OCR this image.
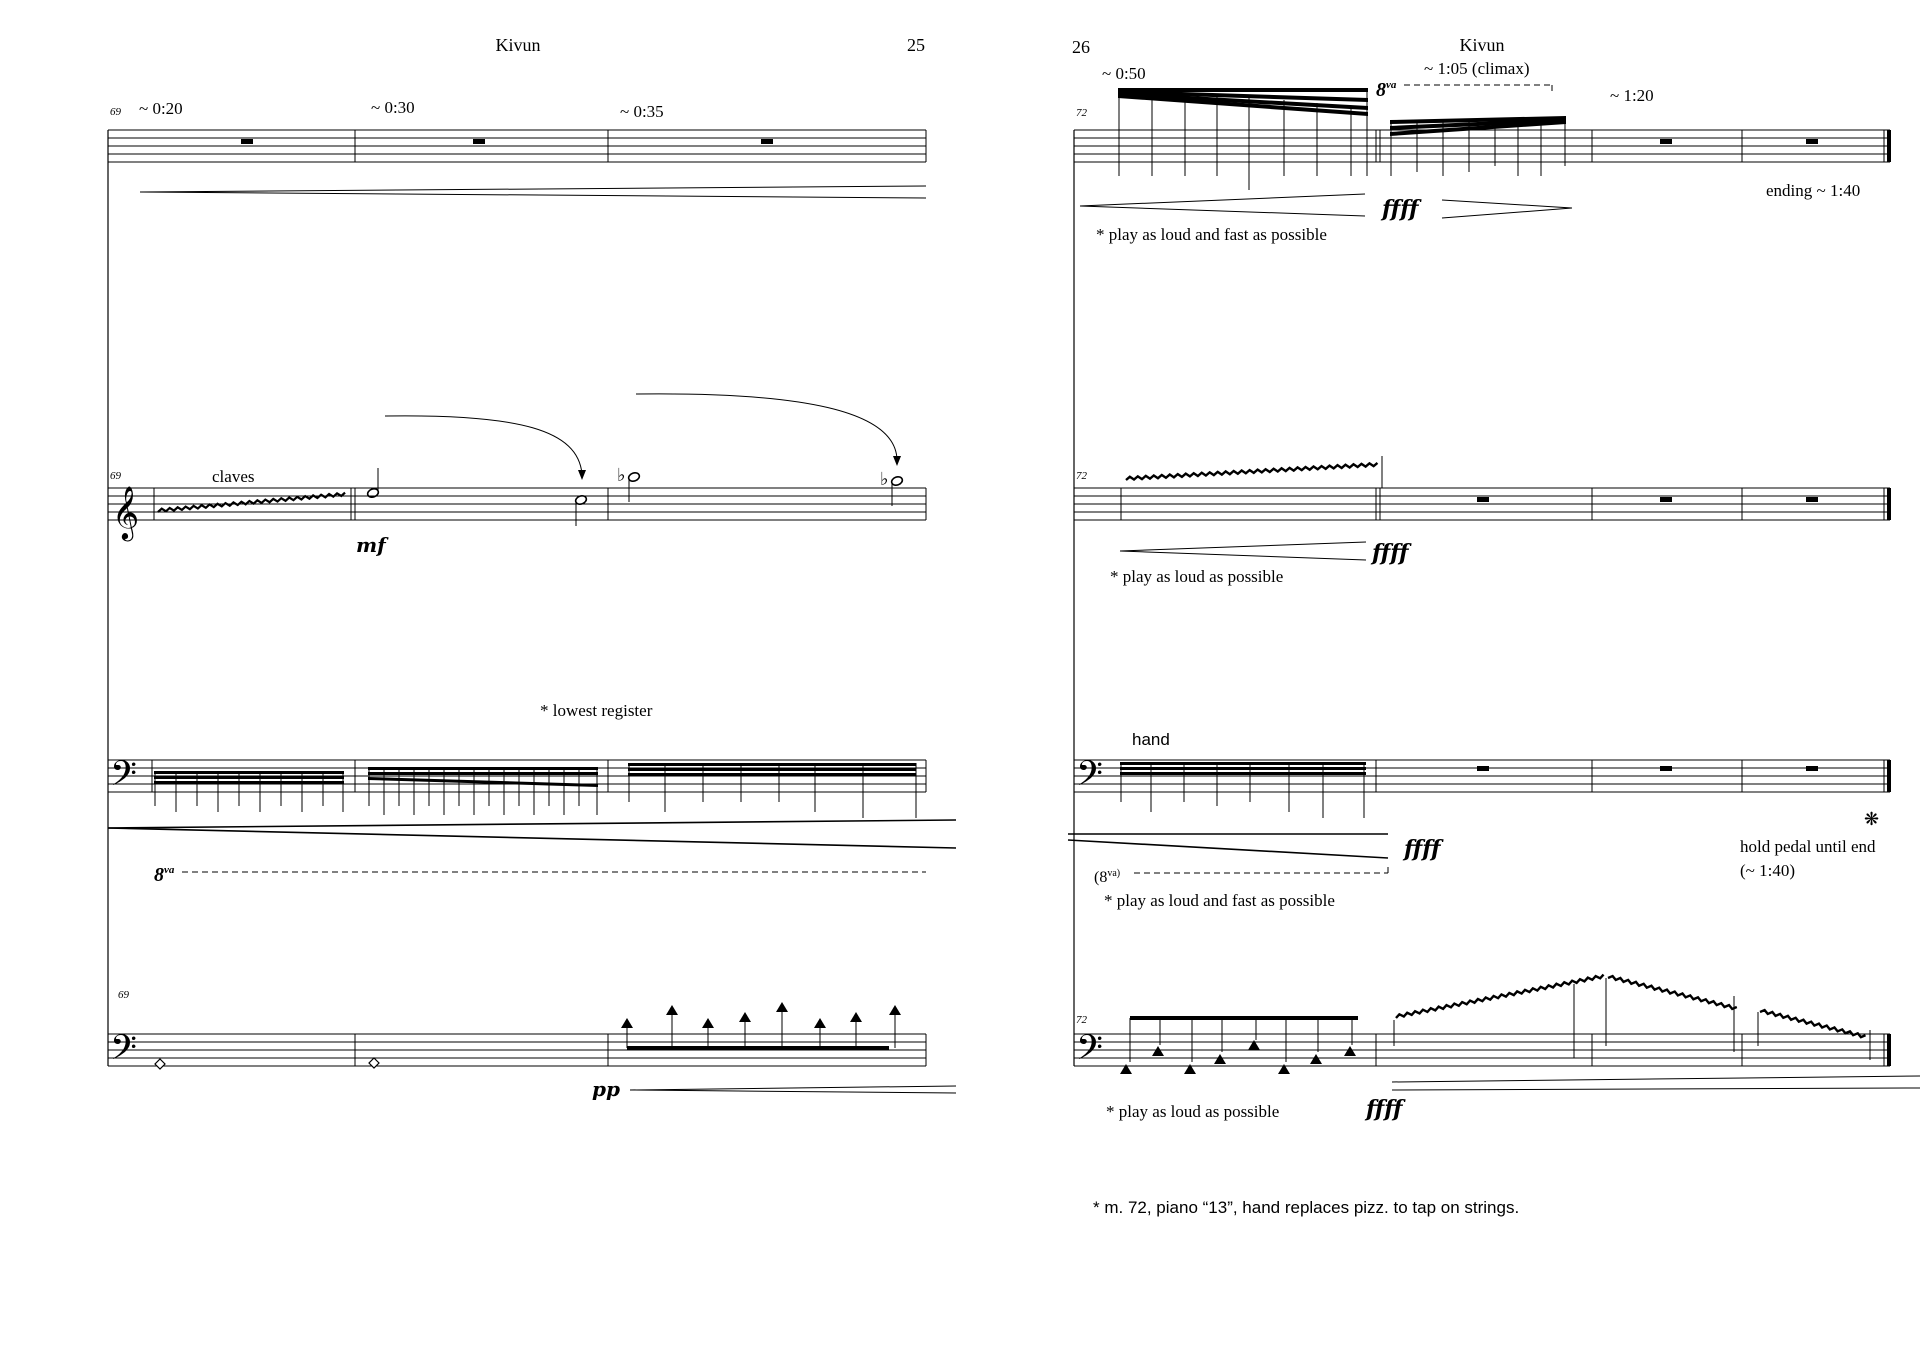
Kivun	25
69 ~ 0:20	~ 0:30	~ 0:35
69
𝄞
claves
mf
♭	♭
* lowest register
𝄢
$8^{va}$
69
𝄢
pp
26	Kivun
72
~ 0:50	~ 1:05 (climax)
~ 1:20
$8^{va}$
ending ~ 1:40
ffff
* play as loud and fast as possible
72
ffff
* play as loud as possible
hand
𝄢
ffff
❋
hold pedal until end
(~ 1:40)
($8^{va)}$
* play as loud and fast as possible
72
𝄢
* play as loud as possible	ffff
* m. 72, piano “13”, hand replaces pizz. to tap on strings.
